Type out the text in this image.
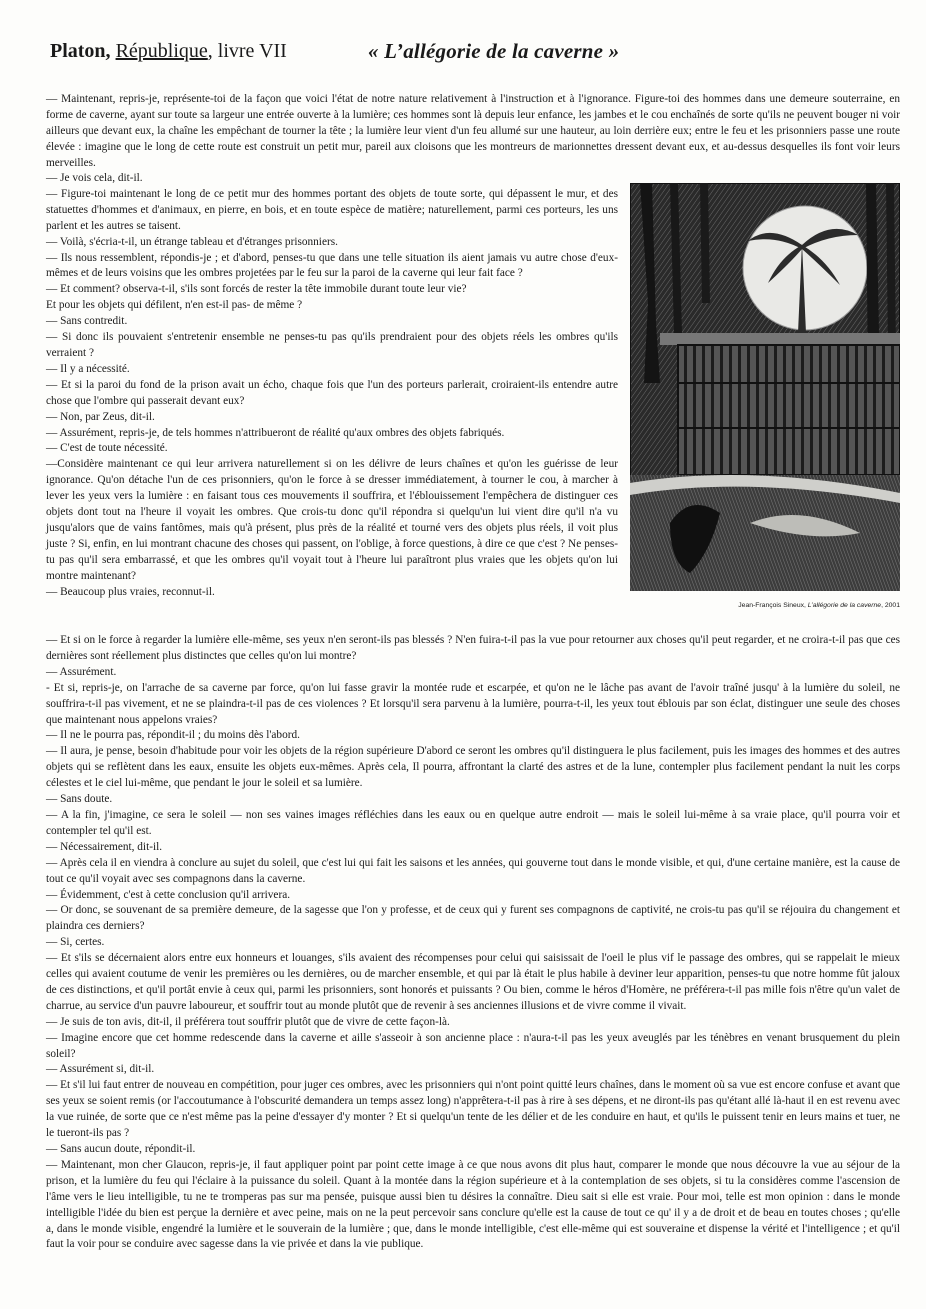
Platon, République, livre VII	« L’allégorie de la caverne »

— Maintenant, repris-je, représente-toi de la façon que voici l'état de notre nature relativement à l'instruction et à l'ignorance. Figure-toi des hommes dans une demeure souterraine, en forme de caverne, ayant sur toute sa largeur une entrée ouverte à la lumière; ces hommes sont là depuis leur enfance, les jambes et le cou enchaînés de sorte qu'ils ne peuvent bouger ni voir ailleurs que devant eux, la chaîne les empêchant de tourner la tête ; la lumière leur vient d'un feu allumé sur une hauteur, au loin derrière eux; entre le feu et les prisonniers passe une route élevée : imagine que le long de cette route est construit un petit mur, pareil aux cloisons que les montreurs de marionnettes dressent devant eux, et au-dessus desquelles ils font voir leurs merveilles.

— Je vois cela, dit-il.

— Figure-toi maintenant le long de ce petit mur des hommes portant des objets de toute sorte, qui dépassent le mur, et des statuettes d'hommes et d'animaux, en pierre, en bois, et en toute espèce de matière; naturellement, parmi ces porteurs, les uns parlent et les autres se taisent.

— Voilà, s'écria-t-il, un étrange tableau et d'étranges prisonniers.

— Ils nous ressemblent, répondis-je ; et d'abord, penses-tu que dans une telle situation ils aient jamais vu autre chose d'eux-mêmes et de leurs voisins que les ombres projetées par le feu sur la paroi de la caverne qui leur fait face ?

— Et comment? observa-t-il, s'ils sont forcés de rester la tête immobile durant toute leur vie?

Et pour les objets qui défilent, n'en est-il pas- de même ?

— Sans contredit.

— Si donc ils pouvaient s'entretenir ensemble ne penses-tu pas qu'ils prendraient pour des objets réels les ombres qu'ils verraient ?

— Il y a nécessité.

— Et si la paroi du fond de la prison avait un écho, chaque fois que l'un des porteurs parlerait, croiraient-ils entendre autre chose que l'ombre qui passerait devant eux?

— Non, par Zeus, dit-il.

— Assurément, repris-je, de tels hommes n'attribueront de réalité qu'aux ombres des objets fabriqués.

— C'est de toute nécessité.

—Considère maintenant ce qui leur arrivera naturellement si on les délivre de leurs chaînes et qu'on les guérisse de leur ignorance. Qu'on détache l'un de ces prisonniers, qu'on le force à se dresser immédiatement, à tourner le cou, à marcher à lever les yeux vers la lumière : en faisant tous ces mouvements il souffrira, et l'éblouissement l'empêchera de distinguer ces objets dont tout na l'heure il voyait les ombres. Que crois-tu donc qu'il répondra si quelqu'un lui vient dire qu'il n'a vu jusqu'alors que de vains fantômes, mais qu'à présent, plus près de la réalité et tourné vers des objets plus réels, il voit plus juste ? Si, enfin, en lui montrant chacune des choses qui passent, on l'oblige, à force questions, à dire ce que c'est ? Ne penses-tu pas qu'il sera embarrassé, et que les ombres qu'il voyait tout à l'heure lui paraîtront plus vraies que les objets qu'on lui montre maintenant?

— Beaucoup plus vraies, reconnut-il.

Jean-François Sineux, L’allégorie de la caverne, 2001

— Et si on le force à regarder la lumière elle-même, ses yeux n'en seront-ils pas blessés ? N'en fuira-t-il pas la vue pour retourner aux choses qu'il peut regarder, et ne croira-t-il pas que ces dernières sont réellement plus distinctes que celles qu'on lui montre?

— Assurément.

- Et si, repris-je, on l'arrache de sa caverne par force, qu'on lui fasse gravir la montée rude et escarpée, et qu'on ne le lâche pas avant de l'avoir traîné jusqu' à la lumière du soleil, ne souffrira-t-il pas vivement, et ne se plaindra-t-il pas de ces violences ? Et lorsqu'il sera parvenu à la lumière, pourra-t-il, les yeux tout éblouis par son éclat, distinguer une seule des choses que maintenant nous appelons vraies?

— Il ne le pourra pas, répondit-il ; du moins dès l'abord.

— Il aura, je pense, besoin d'habitude pour voir les objets de la région supérieure D'abord ce seront les ombres qu'il distinguera le plus facilement, puis les images des hommes et des autres objets qui se reflètent dans les eaux, ensuite les objets eux-mêmes. Après cela, Il pourra, affrontant la clarté des astres et de la lune, contempler plus facilement pendant la nuit les corps célestes et le ciel lui-même, que pendant le jour le soleil et sa lumière.

— Sans doute.

— A la fin, j'imagine, ce sera le soleil — non ses vaines images réfléchies dans les eaux ou en quelque autre endroit — mais le soleil lui-même à sa vraie place, qu'il pourra voir et contempler tel qu'il est.

— Nécessairement, dit-il.

— Après cela il en viendra à conclure au sujet du soleil, que c'est lui qui fait les saisons et les années, qui gouverne tout dans le monde visible, et qui, d'une certaine manière, est la cause de tout ce qu'il voyait avec ses compagnons dans la caverne.

— Évidemment, c'est à cette conclusion qu'il arrivera.

— Or donc, se souvenant de sa première demeure, de la sagesse que l'on y professe, et de ceux qui y furent ses compagnons de captivité, ne crois-tu pas qu'il se réjouira du changement et plaindra ces derniers?

— Si, certes.

— Et s'ils se décernaient alors entre eux honneurs et louanges, s'ils avaient des récompenses pour celui qui saisissait de l'oeil le plus vif le passage des ombres, qui se rappelait le mieux celles qui avaient coutume de venir les premières ou les dernières, ou de marcher ensemble, et qui par là était le plus habile à deviner leur apparition, penses-tu que notre homme fût jaloux de ces distinctions, et qu'il portât envie à ceux qui, parmi les prisonniers, sont honorés et puissants ? Ou bien, comme le héros d'Homère, ne préférera-t-il pas mille fois n'être qu'un valet de charrue, au service d'un pauvre laboureur, et souffrir tout au monde plutôt que de revenir à ses anciennes illusions et de vivre comme il vivait.

— Je suis de ton avis, dit-il, il préférera tout souffrir plutôt que de vivre de cette façon-là.

— Imagine encore que cet homme redescende dans la caverne et aille s'asseoir à son ancienne place : n'aura-t-il pas les yeux aveuglés par les ténèbres en venant brusquement du plein soleil?

— Assurément si, dit-il.

— Et s'il lui faut entrer de nouveau en compétition, pour juger ces ombres, avec les prisonniers qui n'ont point quitté leurs chaînes, dans le moment où sa vue est encore confuse et avant que ses yeux se soient remis (or l'accoutumance à l'obscurité demandera un temps assez long) n'apprêtera-t-il pas à rire à ses dépens, et ne diront-ils pas qu'étant allé là-haut il en est revenu avec la vue ruinée, de sorte que ce n'est même pas la peine d'essayer d'y monter ? Et si quelqu'un tente de les délier et de les conduire en haut, et qu'ils le puissent tenir en leurs mains et tuer, ne le tueront-ils pas ?

— Sans aucun doute, répondit-il.

— Maintenant, mon cher Glaucon, repris-je, il faut appliquer point par point cette image à ce que nous avons dit plus haut, comparer le monde que nous découvre la vue au séjour de la prison, et la lumière du feu qui l'éclaire à la puissance du soleil. Quant à la montée dans la région supérieure et à la contemplation de ses objets, si tu la considères comme l'ascension de l'âme vers le lieu intelligible, tu ne te tromperas pas sur ma pensée, puisque aussi bien tu désires la connaître. Dieu sait si elle est vraie. Pour moi, telle est mon opinion : dans le monde intelligible l'idée du bien est perçue la dernière et avec peine, mais on ne la peut percevoir sans conclure qu'elle est la cause de tout ce qu' il y a de droit et de beau en toutes choses ; qu'elle a, dans le monde visible, engendré la lumière et le souverain de la lumière ; que, dans le monde intelligible, c'est elle-même qui est souveraine et dispense la vérité et l'intelligence ; et qu'il faut la voir pour se conduire avec sagesse dans la vie privée et dans la vie publique.
